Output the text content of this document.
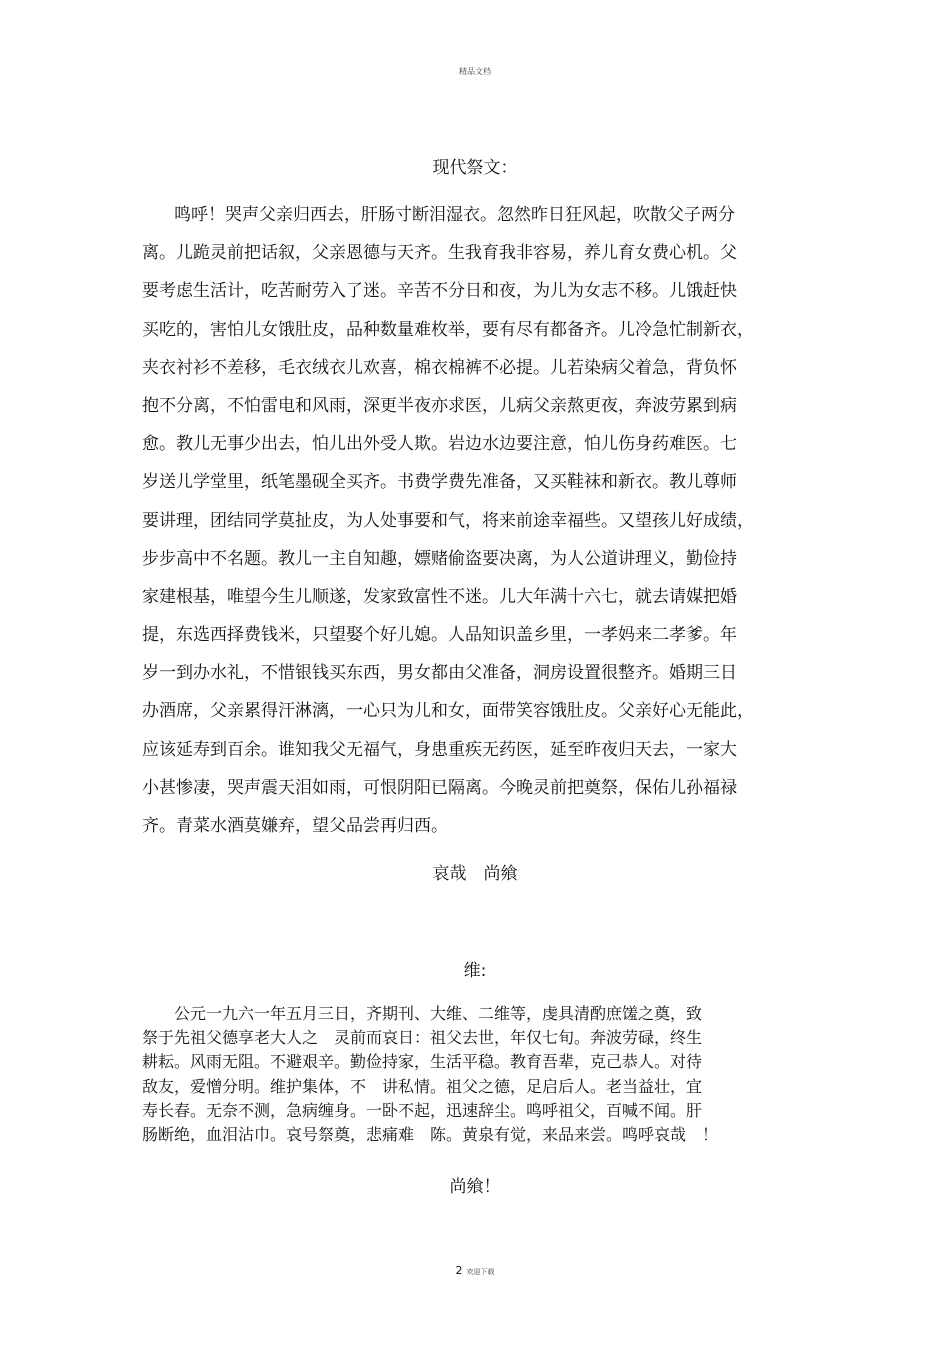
精品文档
现代祭文：
鸣呼！哭声父亲归西去，肝肠寸断泪湿衣。忽然昨日狂风起，吹散父子两分
离。儿跪灵前把话叙，父亲恩德与天齐。生我育我非容易，养儿育女费心机。父
要考虑生活计，吃苦耐劳入了迷。辛苦不分日和夜，为儿为女志不移。儿饿赶快
买吃的，害怕儿女饿肚皮，品种数量难枚举，要有尽有都备齐。儿冷急忙制新衣，
夹衣衬衫不差移，毛衣绒衣儿欢喜，棉衣棉裤不必提。儿若染病父着急，背负怀
抱不分离，不怕雷电和风雨，深更半夜亦求医，儿病父亲熬更夜，奔波劳累到病
愈。教儿无事少出去，怕儿出外受人欺。岩边水边要注意，怕儿伤身药难医。七
岁送儿学堂里，纸笔墨砚全买齐。书费学费先准备，又买鞋袜和新衣。教儿尊师
要讲理，团结同学莫扯皮，为人处事要和气，将来前途幸福些。又望孩儿好成绩，
步步高中不名题。教儿一主自知趣，嫖赌偷盗要决离，为人公道讲理义，勤俭持
家建根基，唯望今生儿顺遂，发家致富性不迷。儿大年满十六七，就去请媒把婚
提，东选西择费钱米，只望娶个好儿媳。人品知识盖乡里，一孝妈来二孝爹。年
岁一到办水礼，不惜银钱买东西，男女都由父准备，洞房设置很整齐。婚期三日
办酒席，父亲累得汗淋漓，一心只为儿和女，面带笑容饿肚皮。父亲好心无能此，
应该延寿到百余。谁知我父无福气，身患重疾无药医，延至昨夜归天去，一家大
小甚惨凄，哭声震天泪如雨，可恨阴阳已隔离。今晚灵前把奠祭，保佑儿孙福禄
齐。青菜水酒莫嫌弃，望父品尝再归西。
哀哉　尚飨
维:
公元一九六一年五月三日，齐期刊、大维、二维等，虔具清酌庶馐之奠，致
祭于先祖父德享老大人之　灵前而哀日：祖父去世，年仅七旬。奔波劳碌，终生
耕耘。风雨无阻。不避艰辛。勤俭持家，生活平稳。教育吾辈，克己恭人。对待
敌友，爱憎分明。维护集体，不　讲私情。祖父之德，足启后人。老当益壮，宜
寿长春。无奈不测，急病缠身。一卧不起，迅速辞尘。鸣呼祖父，百喊不闻。肝
肠断绝，血泪沾巾。哀号祭奠，悲痛难　陈。黄泉有觉，来品来尝。鸣呼哀哉　！
尚飨！
2 欢迎下载
